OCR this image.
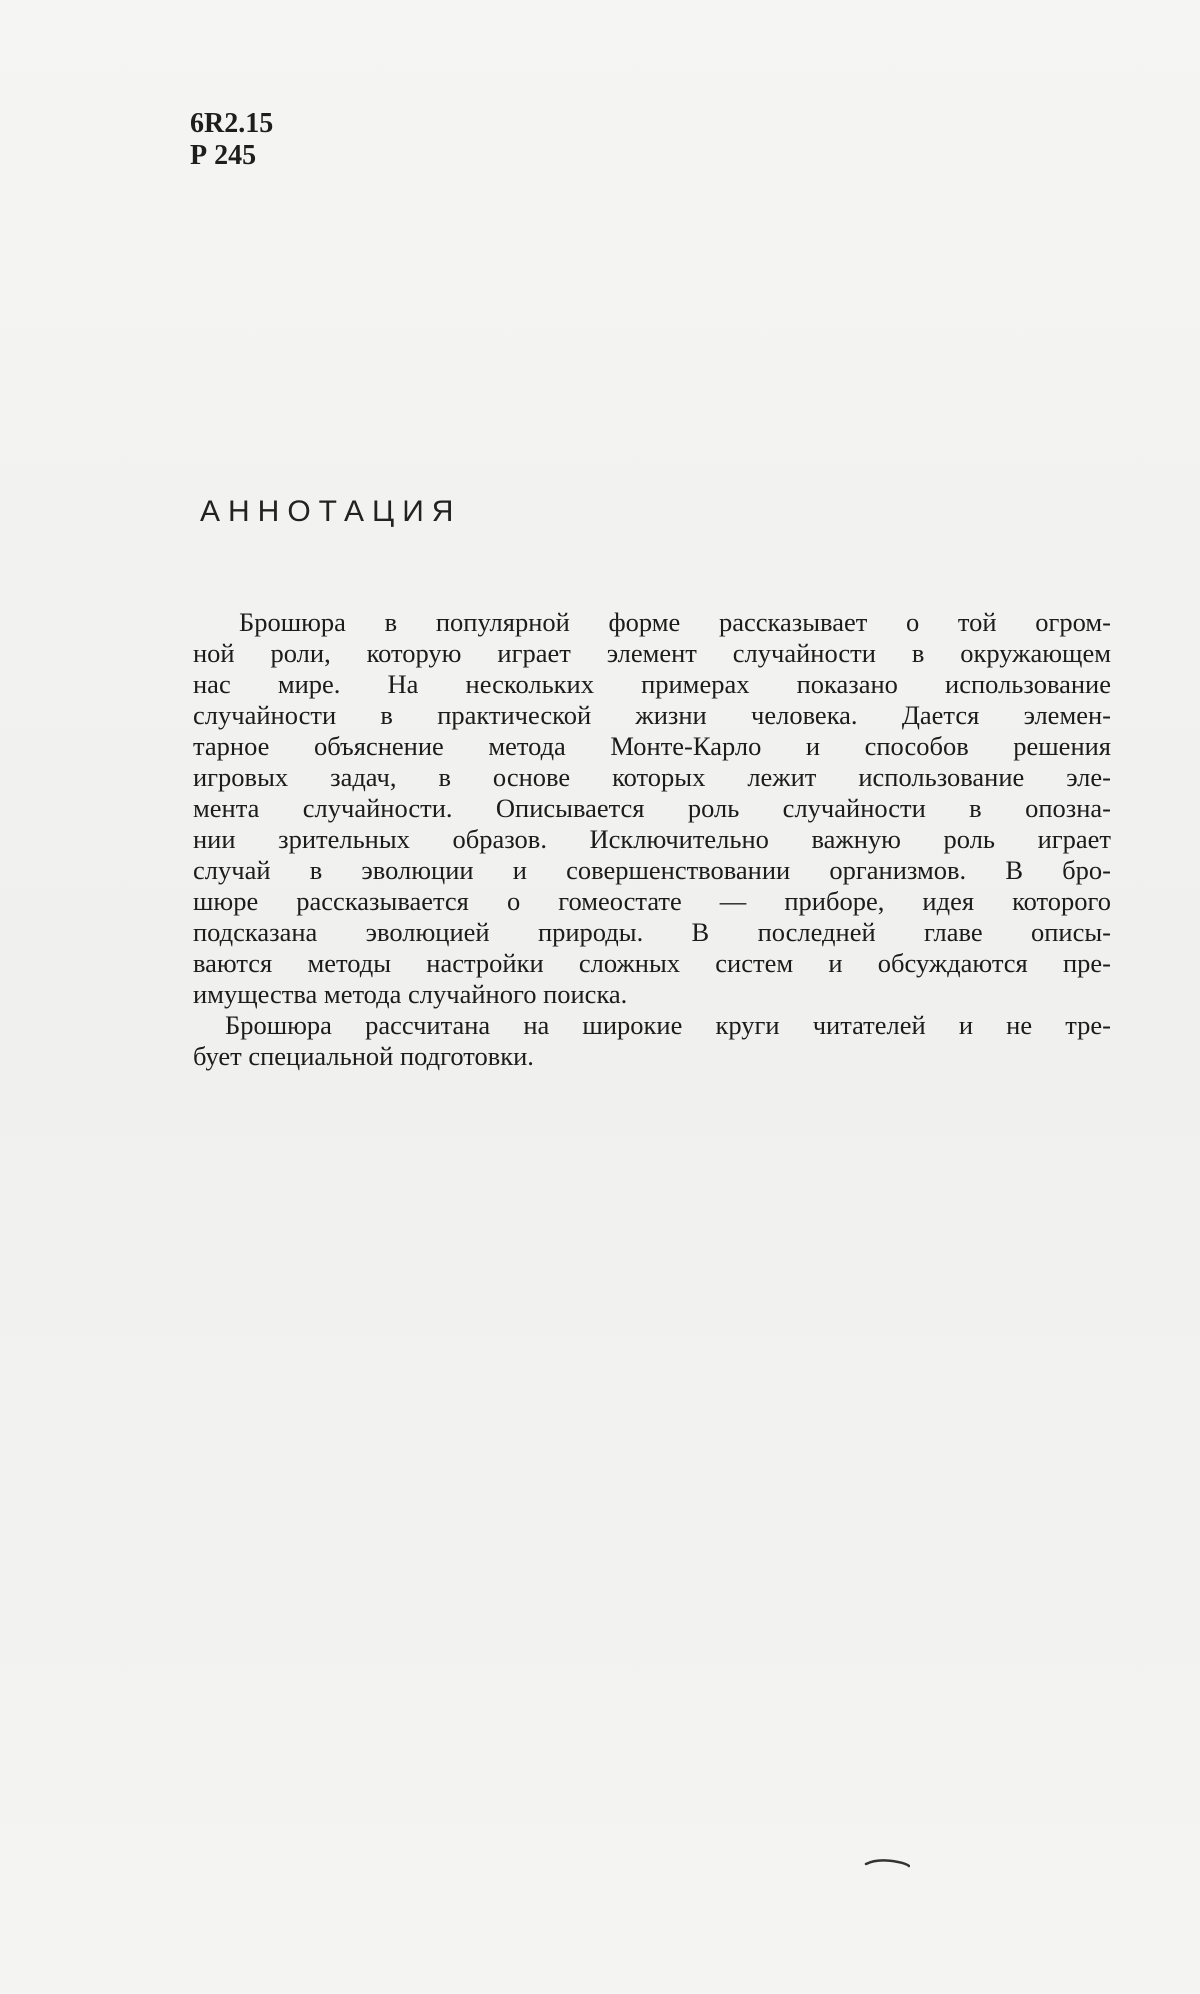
6R2.15
Р 245
АННОТАЦИЯ
Брошюра в популярной форме рассказывает о той огром-
ной роли, которую играет элемент случайности в окружающем
нас мире. На нескольких примерах показано использование
случайности в практической жизни человека. Дается элемен-
тарное объяснение метода Монте-Карло и способов решения
игровых задач, в основе которых лежит использование эле-
мента случайности. Описывается роль случайности в опозна-
нии зрительных образов. Исключительно важную роль играет
случай в эволюции и совершенствовании организмов. В бро-
шюре рассказывается о гомеостате — приборе, идея которого
подсказана эволюцией природы. В последней главе описы-
ваются методы настройки сложных систем и обсуждаются пре-
имущества метода случайного поиска.
Брошюра рассчитана на широкие круги читателей и не тре-
бует специальной подготовки.
